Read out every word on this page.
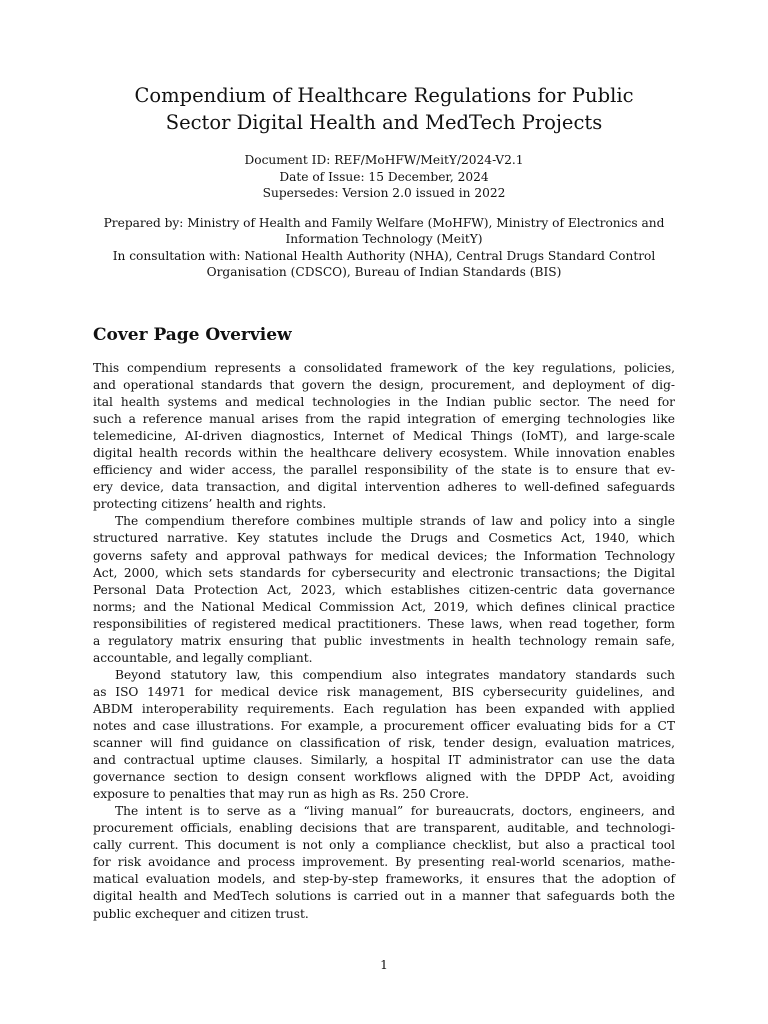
Compendium of Healthcare Regulations for Public
Sector Digital Health and MedTech Projects
Document ID: REF/MoHFW/MeitY/2024-V2.1
Date of Issue: 15 December, 2024
Supersedes: Version 2.0 issued in 2022
Prepared by: Ministry of Health and Family Welfare (MoHFW), Ministry of Electronics and
Information Technology (MeitY)
In consultation with: National Health Authority (NHA), Central Drugs Standard Control
Organisation (CDSCO), Bureau of Indian Standards (BIS)
Cover Page Overview
This compendium represents a consolidated framework of the key regulations, policies,
and operational standards that govern the design, procurement, and deployment of dig-
ital health systems and medical technologies in the Indian public sector. The need for
such a reference manual arises from the rapid integration of emerging technologies like
telemedicine, AI-driven diagnostics, Internet of Medical Things (IoMT), and large-scale
digital health records within the healthcare delivery ecosystem. While innovation enables
efficiency and wider access, the parallel responsibility of the state is to ensure that ev-
ery device, data transaction, and digital intervention adheres to well-defined safeguards
protecting citizens’ health and rights.
The compendium therefore combines multiple strands of law and policy into a single
structured narrative. Key statutes include the Drugs and Cosmetics Act, 1940, which
governs safety and approval pathways for medical devices; the Information Technology
Act, 2000, which sets standards for cybersecurity and electronic transactions; the Digital
Personal Data Protection Act, 2023, which establishes citizen-centric data governance
norms; and the National Medical Commission Act, 2019, which defines clinical practice
responsibilities of registered medical practitioners. These laws, when read together, form
a regulatory matrix ensuring that public investments in health technology remain safe,
accountable, and legally compliant.
Beyond statutory law, this compendium also integrates mandatory standards such
as ISO 14971 for medical device risk management, BIS cybersecurity guidelines, and
ABDM interoperability requirements. Each regulation has been expanded with applied
notes and case illustrations. For example, a procurement officer evaluating bids for a CT
scanner will find guidance on classification of risk, tender design, evaluation matrices,
and contractual uptime clauses. Similarly, a hospital IT administrator can use the data
governance section to design consent workflows aligned with the DPDP Act, avoiding
exposure to penalties that may run as high as Rs. 250 Crore.
The intent is to serve as a “living manual” for bureaucrats, doctors, engineers, and
procurement officials, enabling decisions that are transparent, auditable, and technologi-
cally current. This document is not only a compliance checklist, but also a practical tool
for risk avoidance and process improvement. By presenting real-world scenarios, mathe-
matical evaluation models, and step-by-step frameworks, it ensures that the adoption of
digital health and MedTech solutions is carried out in a manner that safeguards both the
public exchequer and citizen trust.
1
